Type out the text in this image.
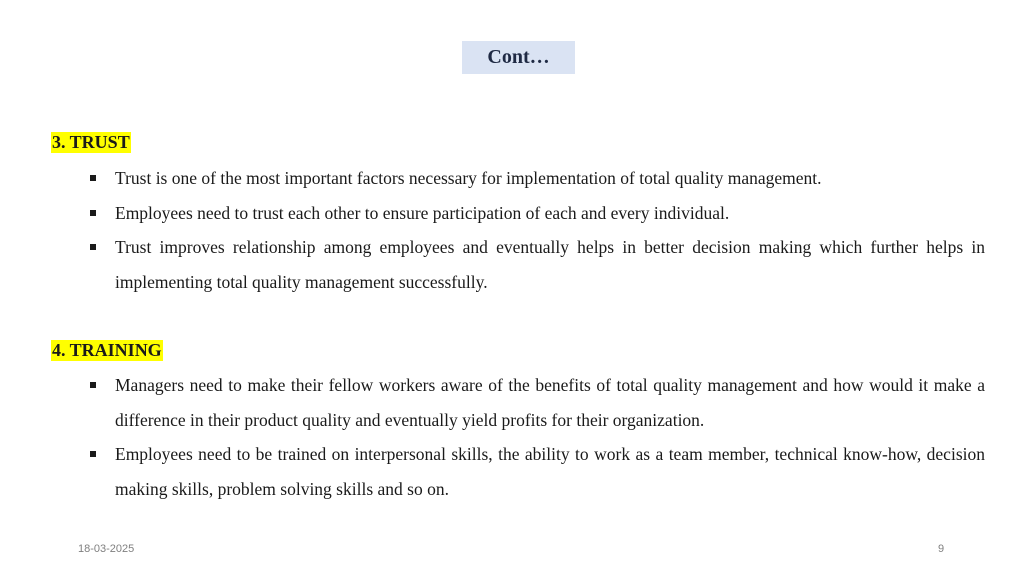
Cont…
3. TRUST
Trust is one of the most important factors necessary for implementation of total quality management.
Employees need to trust each other to ensure participation of each and every individual.
Trust improves relationship among employees and eventually helps in better decision making which further helps in implementing total quality management successfully.
4. TRAINING
Managers need to make their fellow workers aware of the benefits of total quality management and how would it make a difference in their product quality and eventually yield profits for their organization.
Employees need to be trained on interpersonal skills, the ability to work as a team member, technical know-how, decision making skills, problem solving skills and so on.
18-03-2025	9
